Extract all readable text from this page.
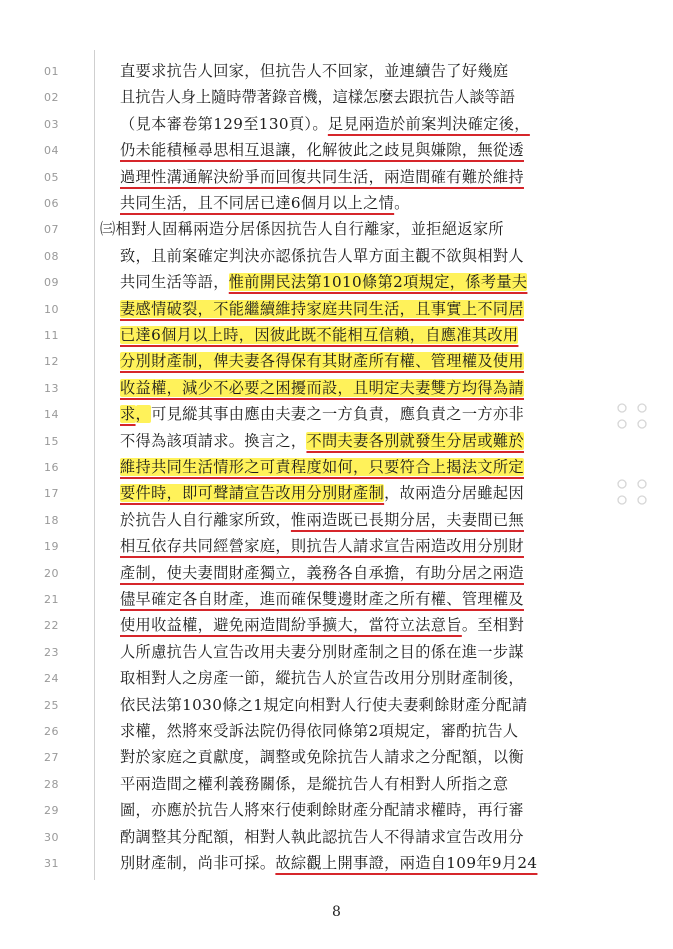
01	直要求抗告人回家，但抗告人不回家，並連續告了好幾庭
02	且抗告人身上隨時帶著錄音機，這樣怎麼去跟抗告人談等語
03	（見本審卷第129至130頁）。足見兩造於前案判決確定後，
04	仍未能積極尋思相互退讓，化解彼此之歧見與嫌隙，無從透
05	過理性溝通解決紛爭而回復共同生活，兩造間確有難於維持
06	共同生活，且不同居已達6個月以上之情。
07	㈢相對人固稱兩造分居係因抗告人自行離家，並拒絕返家所
08	致，且前案確定判決亦認係抗告人單方面主觀不欲與相對人
09	共同生活等語，惟前開民法第1010條第2項規定，係考量夫
10	妻感情破裂，不能繼續維持家庭共同生活，且事實上不同居
11	已達6個月以上時，因彼此既不能相互信賴，自應准其改用
12	分別財產制，俾夫妻各得保有其財產所有權、管理權及使用
13	收益權，減少不必要之困擾而設，且明定夫妻雙方均得為請
14	求，可見縱其事由應由夫妻之一方負責，應負責之一方亦非
15	不得為該項請求。換言之，不問夫妻各別就發生分居或難於
16	維持共同生活情形之可責程度如何，只要符合上揭法文所定
17	要件時，即可聲請宣告改用分別財產制，故兩造分居雖起因
18	於抗告人自行離家所致，惟兩造既已長期分居，夫妻間已無
19	相互依存共同經營家庭，則抗告人請求宣告兩造改用分別財
20	產制，使夫妻間財產獨立，義務各自承擔，有助分居之兩造
21	儘早確定各自財產，進而確保雙邊財產之所有權、管理權及
22	使用收益權，避免兩造間紛爭擴大，當符立法意旨。至相對
23	人所慮抗告人宣告改用夫妻分別財產制之目的係在進一步謀
24	取相對人之房產一節，縱抗告人於宣告改用分別財產制後，
25	依民法第1030條之1規定向相對人行使夫妻剩餘財產分配請
26	求權，然將來受訴法院仍得依同條第2項規定，審酌抗告人
27	對於家庭之貢獻度，調整或免除抗告人請求之分配額，以衡
28	平兩造間之權利義務關係，是縱抗告人有相對人所指之意
29	圖，亦應於抗告人將來行使剩餘財產分配請求權時，再行審
30	酌調整其分配額，相對人執此認抗告人不得請求宣告改用分
31	別財產制，尚非可採。故綜觀上開事證，兩造自109年9月24
8
